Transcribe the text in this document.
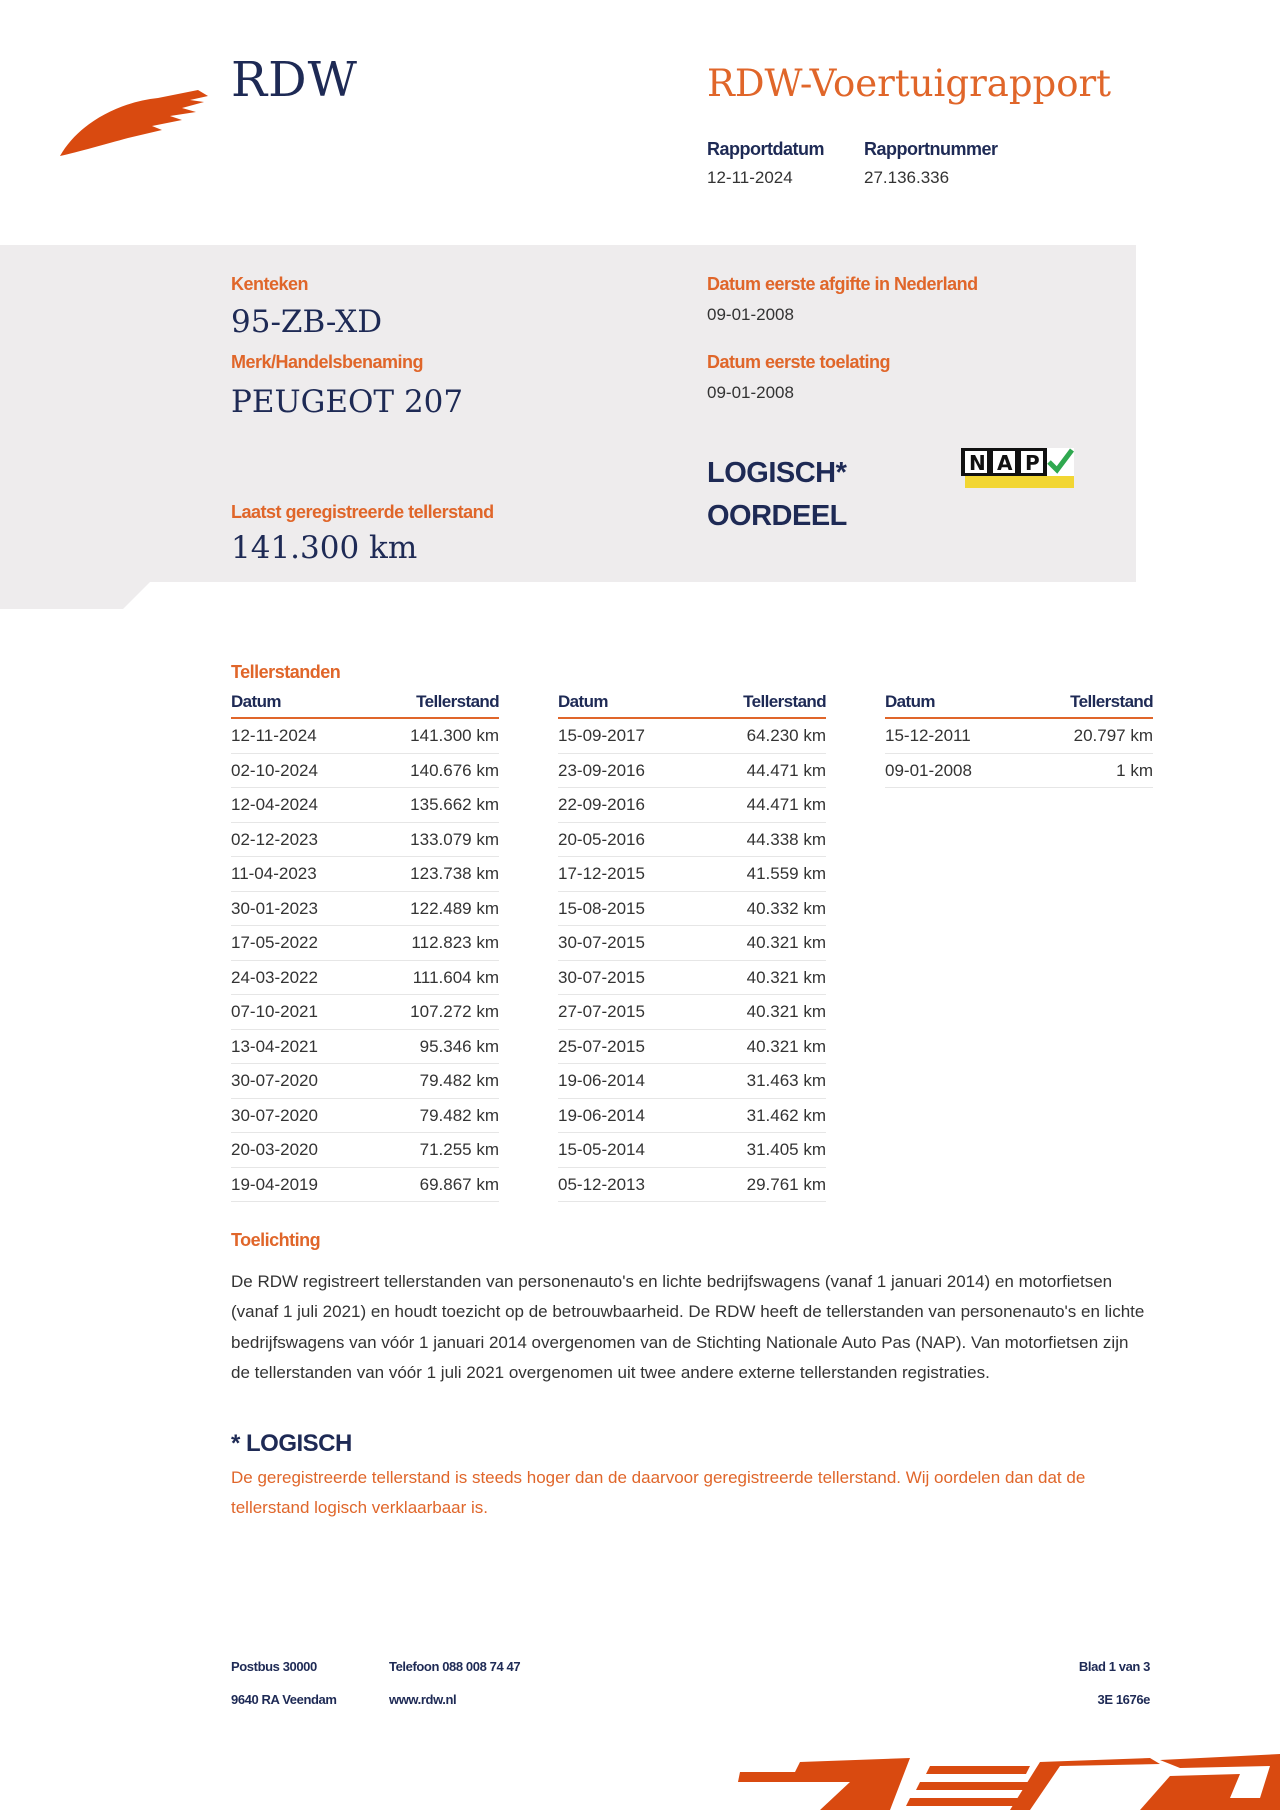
RDW	RDW-Voertuigrapport
Rapportdatum
12-11-2024
Rapportnummer
27.136.336
Kenteken
95-ZB-XD
Merk/Handelsbenaming
PEUGEOT 207
Laatst geregistreerde tellerstand
141.300 km
Datum eerste afgifte in Nederland
09-01-2008
Datum eerste toelating
09-01-2008
LOGISCH*
OORDEEL
N A P
Tellerstanden
Datum	Tellerstand
12-11-2024	141.300 km
02-10-2024	140.676 km
12-04-2024	135.662 km
02-12-2023	133.079 km
11-04-2023	123.738 km
30-01-2023	122.489 km
17-05-2022	112.823 km
24-03-2022	111.604 km
07-10-2021	107.272 km
13-04-2021	95.346 km
30-07-2020	79.482 km
30-07-2020	79.482 km
20-03-2020	71.255 km
19-04-2019	69.867 km
Datum	Tellerstand
15-09-2017	64.230 km
23-09-2016	44.471 km
22-09-2016	44.471 km
20-05-2016	44.338 km
17-12-2015	41.559 km
15-08-2015	40.332 km
30-07-2015	40.321 km
30-07-2015	40.321 km
27-07-2015	40.321 km
25-07-2015	40.321 km
19-06-2014	31.463 km
19-06-2014	31.462 km
15-05-2014	31.405 km
05-12-2013	29.761 km
Datum	Tellerstand
15-12-2011	20.797 km
09-01-2008	1 km
Toelichting
De RDW registreert tellerstanden van personenauto's en lichte bedrijfswagens (vanaf 1 januari 2014) en motorfietsen (vanaf 1 juli 2021) en houdt toezicht op de betrouwbaarheid. De RDW heeft de tellerstanden van personenauto's en lichte bedrijfswagens van vóór 1 januari 2014 overgenomen van de Stichting Nationale Auto Pas (NAP). Van motorfietsen zijn de tellerstanden van vóór 1 juli 2021 overgenomen uit twee andere externe tellerstanden registraties.
* LOGISCH
De geregistreerde tellerstand is steeds hoger dan de daarvoor geregistreerde tellerstand. Wij oordelen dan dat de tellerstand logisch verklaarbaar is.
Postbus 30000
9640 RA Veendam
Telefoon 088 008 74 47
www.rdw.nl
Blad 1 van 3
3E 1676e
